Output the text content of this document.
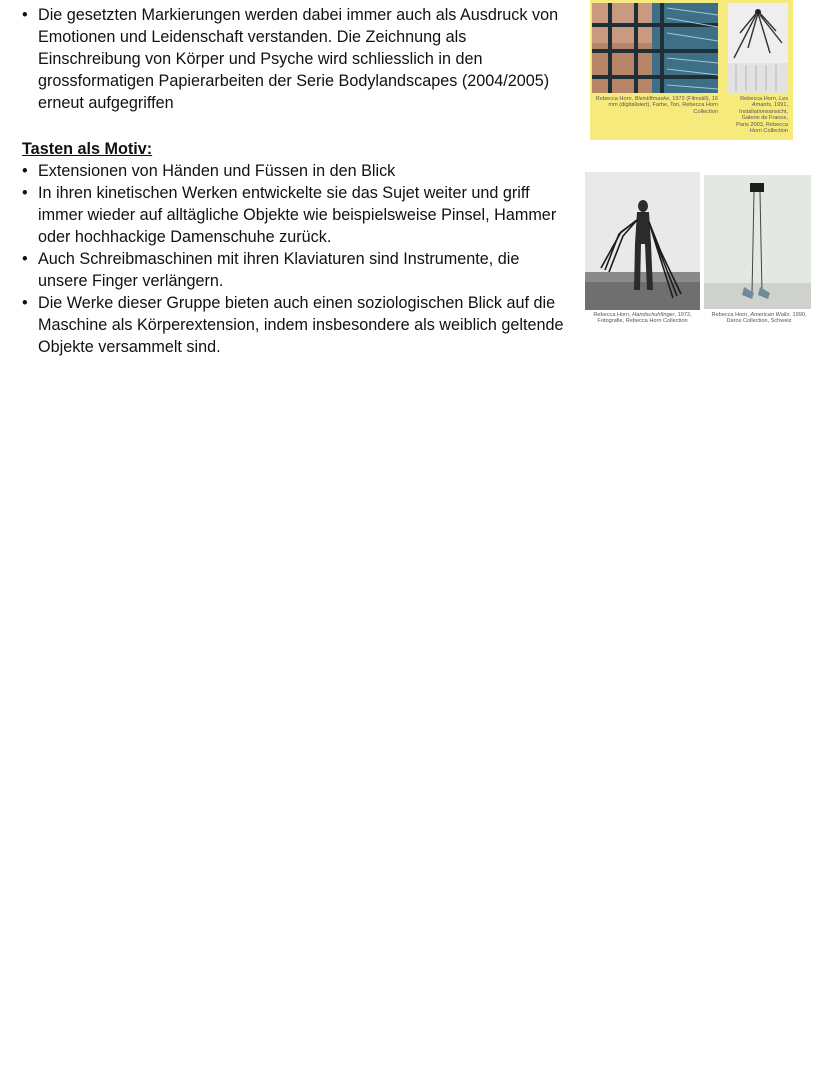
• Die gesetzten Markierungen werden dabei immer auch als Ausdruck von Emotionen und Leidenschaft verstanden. Die Zeichnung als Einschreibung von Körper und Psyche wird schliesslich in den grossformatigen Papierarbeiten der Serie Bodylandscapes (2004/2005) erneut aufgegriffen
Tasten als Motiv:
• Extensionen von Händen und Füssen in den Blick
• In ihren kinetischen Werken entwickelte sie das Sujet weiter und griff immer wieder auf alltägliche Objekte wie beispielsweise Pinsel, Hammer oder hochhackige Damenschuhe zurück.
• Auch Schreibmaschinen mit ihren Klaviaturen sind Instrumente, die unsere Finger verlängern.
• Die Werke dieser Gruppe bieten auch einen soziologischen Blick auf die Maschine als Körperextension, indem insbesondere als weiblich geltende Objekte versammelt sind.
Rebecca Horn, Bleistiftmaske, 1972 (Filmstill), 16 mm (digitalisiert), Farbe, Ton, Rebecca Horn Collection
Rebecca Horn, Les Amants, 1991, Installationsansicht, Galerie de France, Paris 2003, Rebecca Horn Collection
Rebecca Horn, Handschuhfinger, 1972, Fotografie, Rebecca Horn Collection
Rebecca Horn, American Waltz, 1990, Daros Collection, Schweiz
